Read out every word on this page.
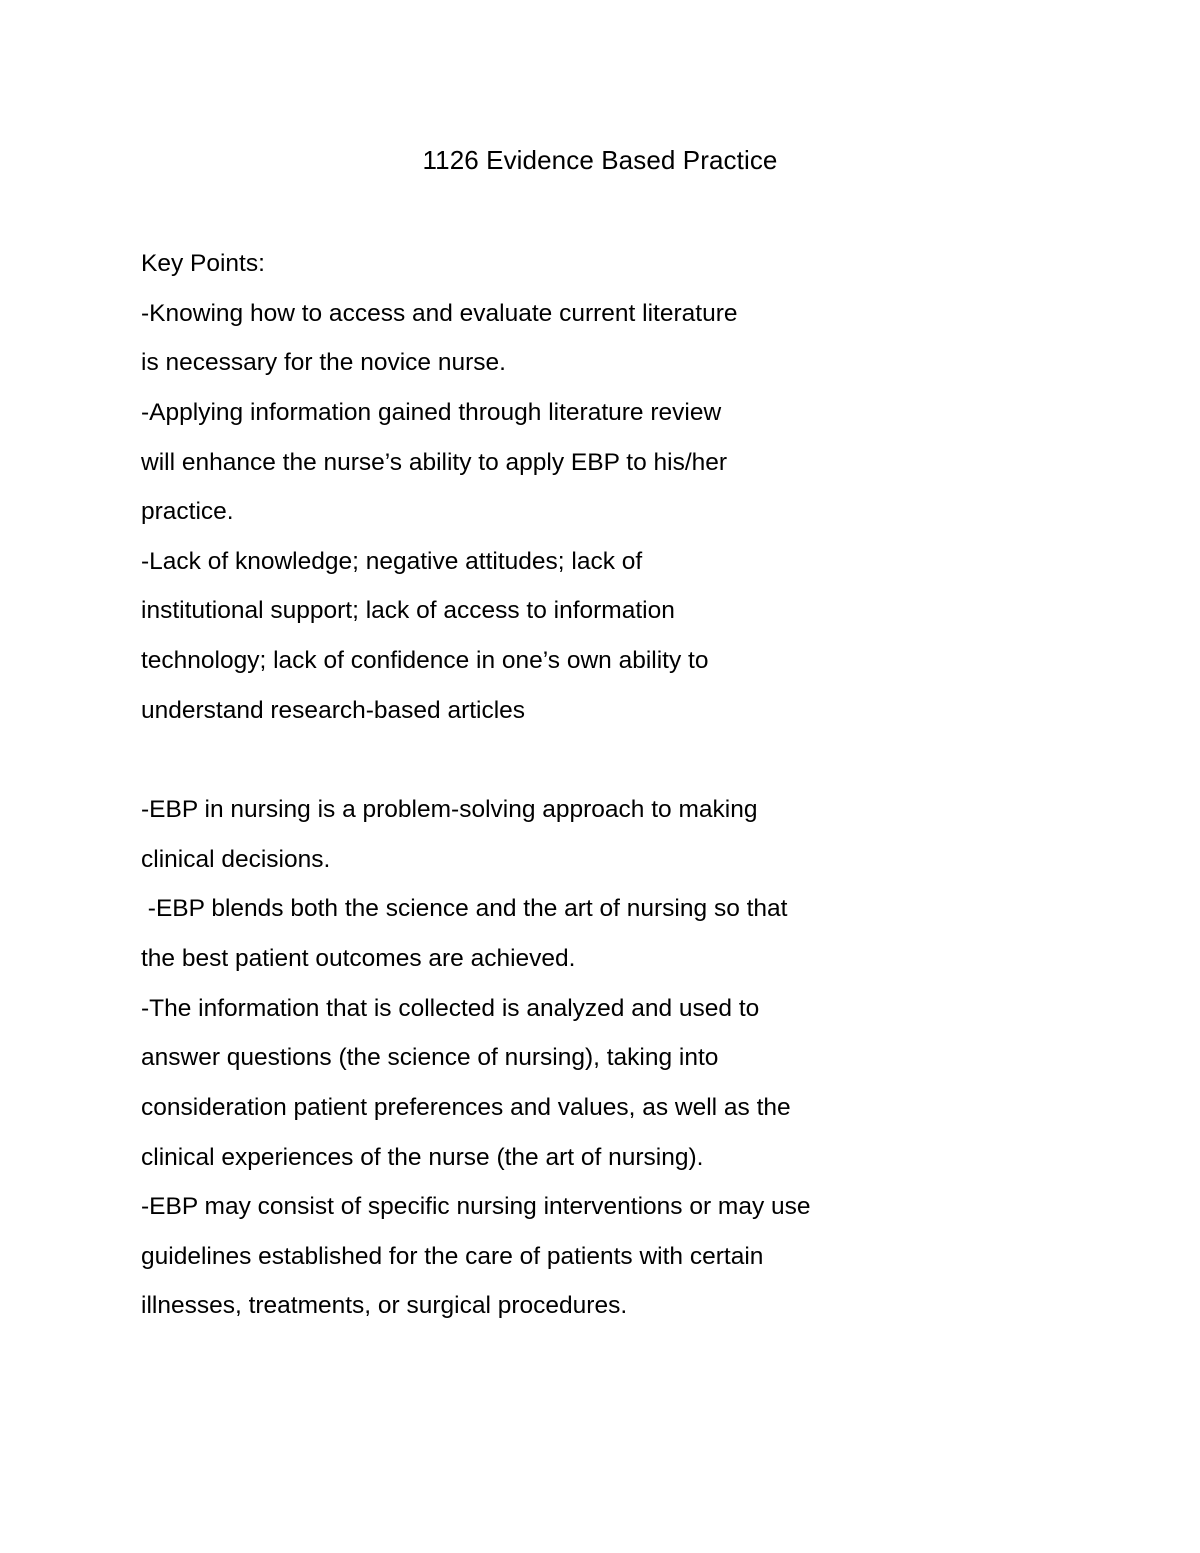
1126 Evidence Based Practice
Key Points:
-Knowing how to access and evaluate current literature
is necessary for the novice nurse.
-Applying information gained through literature review
will enhance the nurse’s ability to apply EBP to his/her
practice.
-Lack of knowledge; negative attitudes; lack of
institutional support; lack of access to information
technology; lack of confidence in one’s own ability to
understand research-based articles
-EBP in nursing is a problem-solving approach to making
clinical decisions.
-EBP blends both the science and the art of nursing so that
the best patient outcomes are achieved.
-The information that is collected is analyzed and used to
answer questions (the science of nursing), taking into
consideration patient preferences and values, as well as the
clinical experiences of the nurse (the art of nursing).
-EBP may consist of specific nursing interventions or may use
guidelines established for the care of patients with certain
illnesses, treatments, or surgical procedures.
